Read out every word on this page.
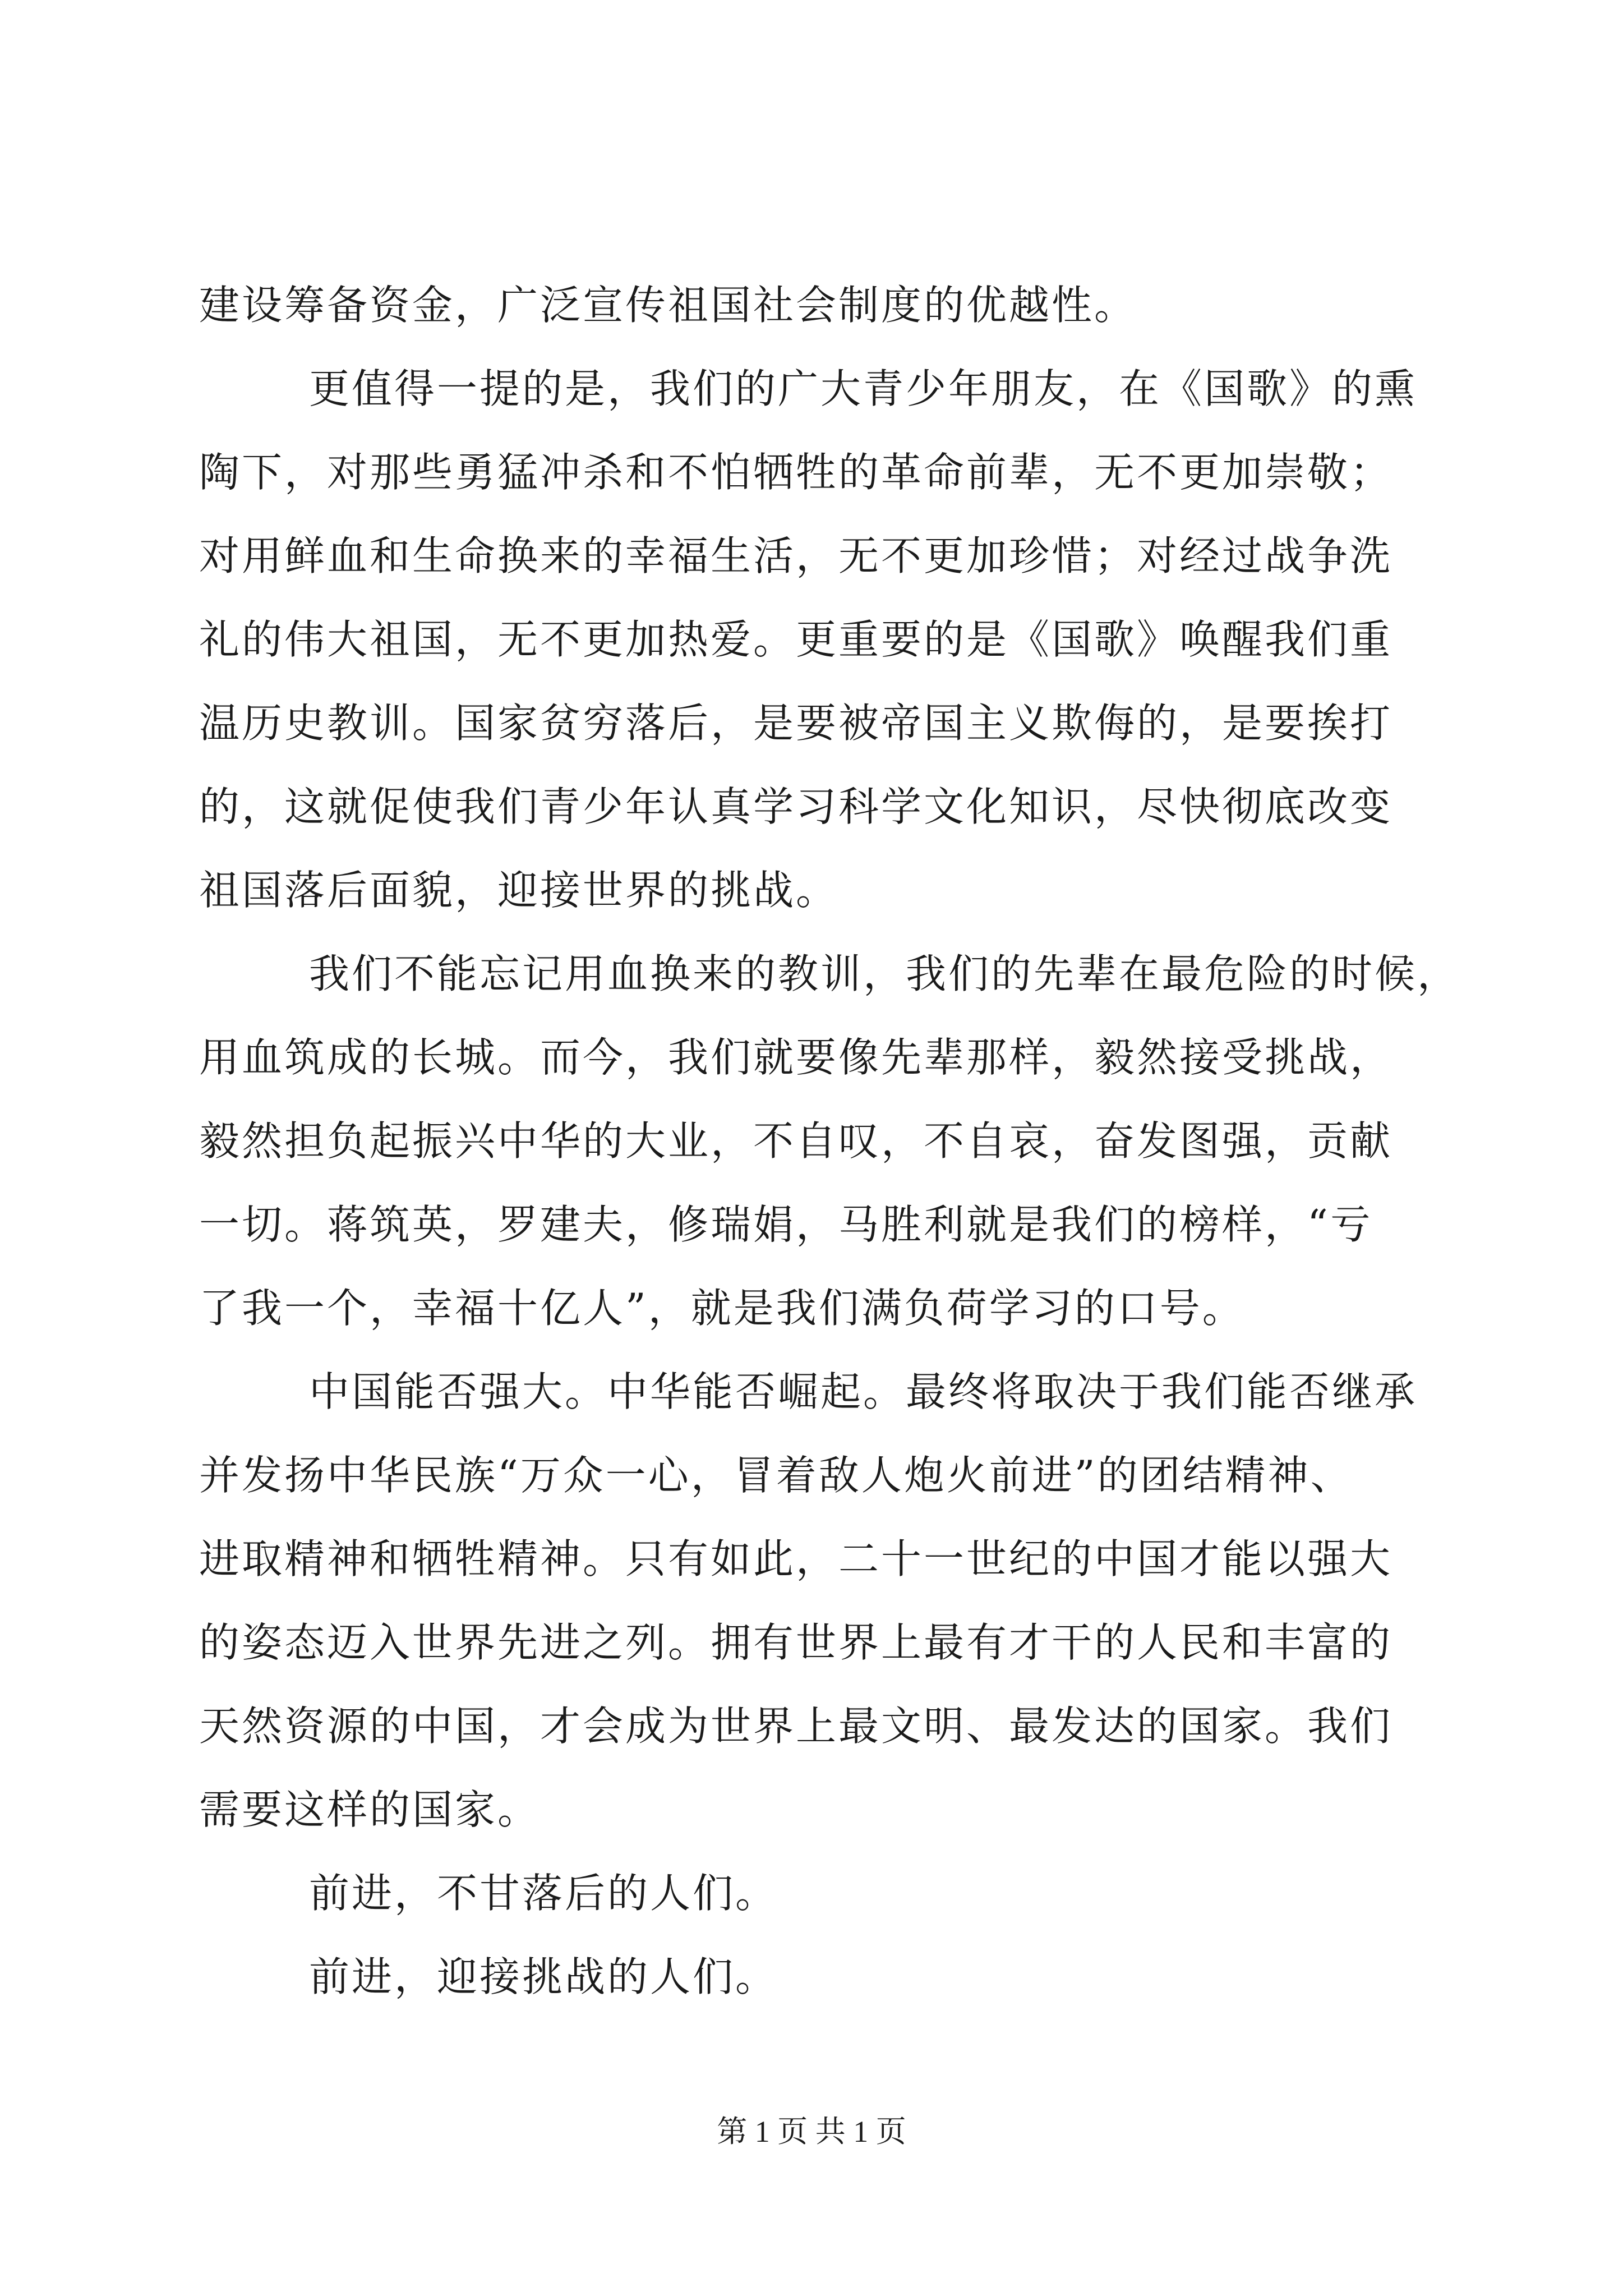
建设筹备资金，广泛宣传祖国社会制度的优越性。
更值得一提的是，我们的广大青少年朋友，在《国歌》的熏
陶下，对那些勇猛冲杀和不怕牺牲的革命前辈，无不更加崇敬；
对用鲜血和生命换来的幸福生活，无不更加珍惜；对经过战争洗
礼的伟大祖国，无不更加热爱。更重要的是《国歌》唤醒我们重
温历史教训。国家贫穷落后，是要被帝国主义欺侮的，是要挨打
的，这就促使我们青少年认真学习科学文化知识，尽快彻底改变
祖国落后面貌，迎接世界的挑战。
我们不能忘记用血换来的教训，我们的先辈在最危险的时候，
用血筑成的长城。而今，我们就要像先辈那样，毅然接受挑战，
毅然担负起振兴中华的大业，不自叹，不自哀，奋发图强，贡献
一切。蒋筑英，罗建夫，修瑞娟，马胜利就是我们的榜样，“亏
了我一个，幸福十亿人”，就是我们满负荷学习的口号。
中国能否强大。中华能否崛起。最终将取决于我们能否继承
并发扬中华民族“万众一心，冒着敌人炮火前进”的团结精神、
进取精神和牺牲精神。只有如此，二十一世纪的中国才能以强大
的姿态迈入世界先进之列。拥有世界上最有才干的人民和丰富的
天然资源的中国，才会成为世界上最文明、最发达的国家。我们
需要这样的国家。
前进，不甘落后的人们。
前进，迎接挑战的人们。
第 1 页 共 1 页
